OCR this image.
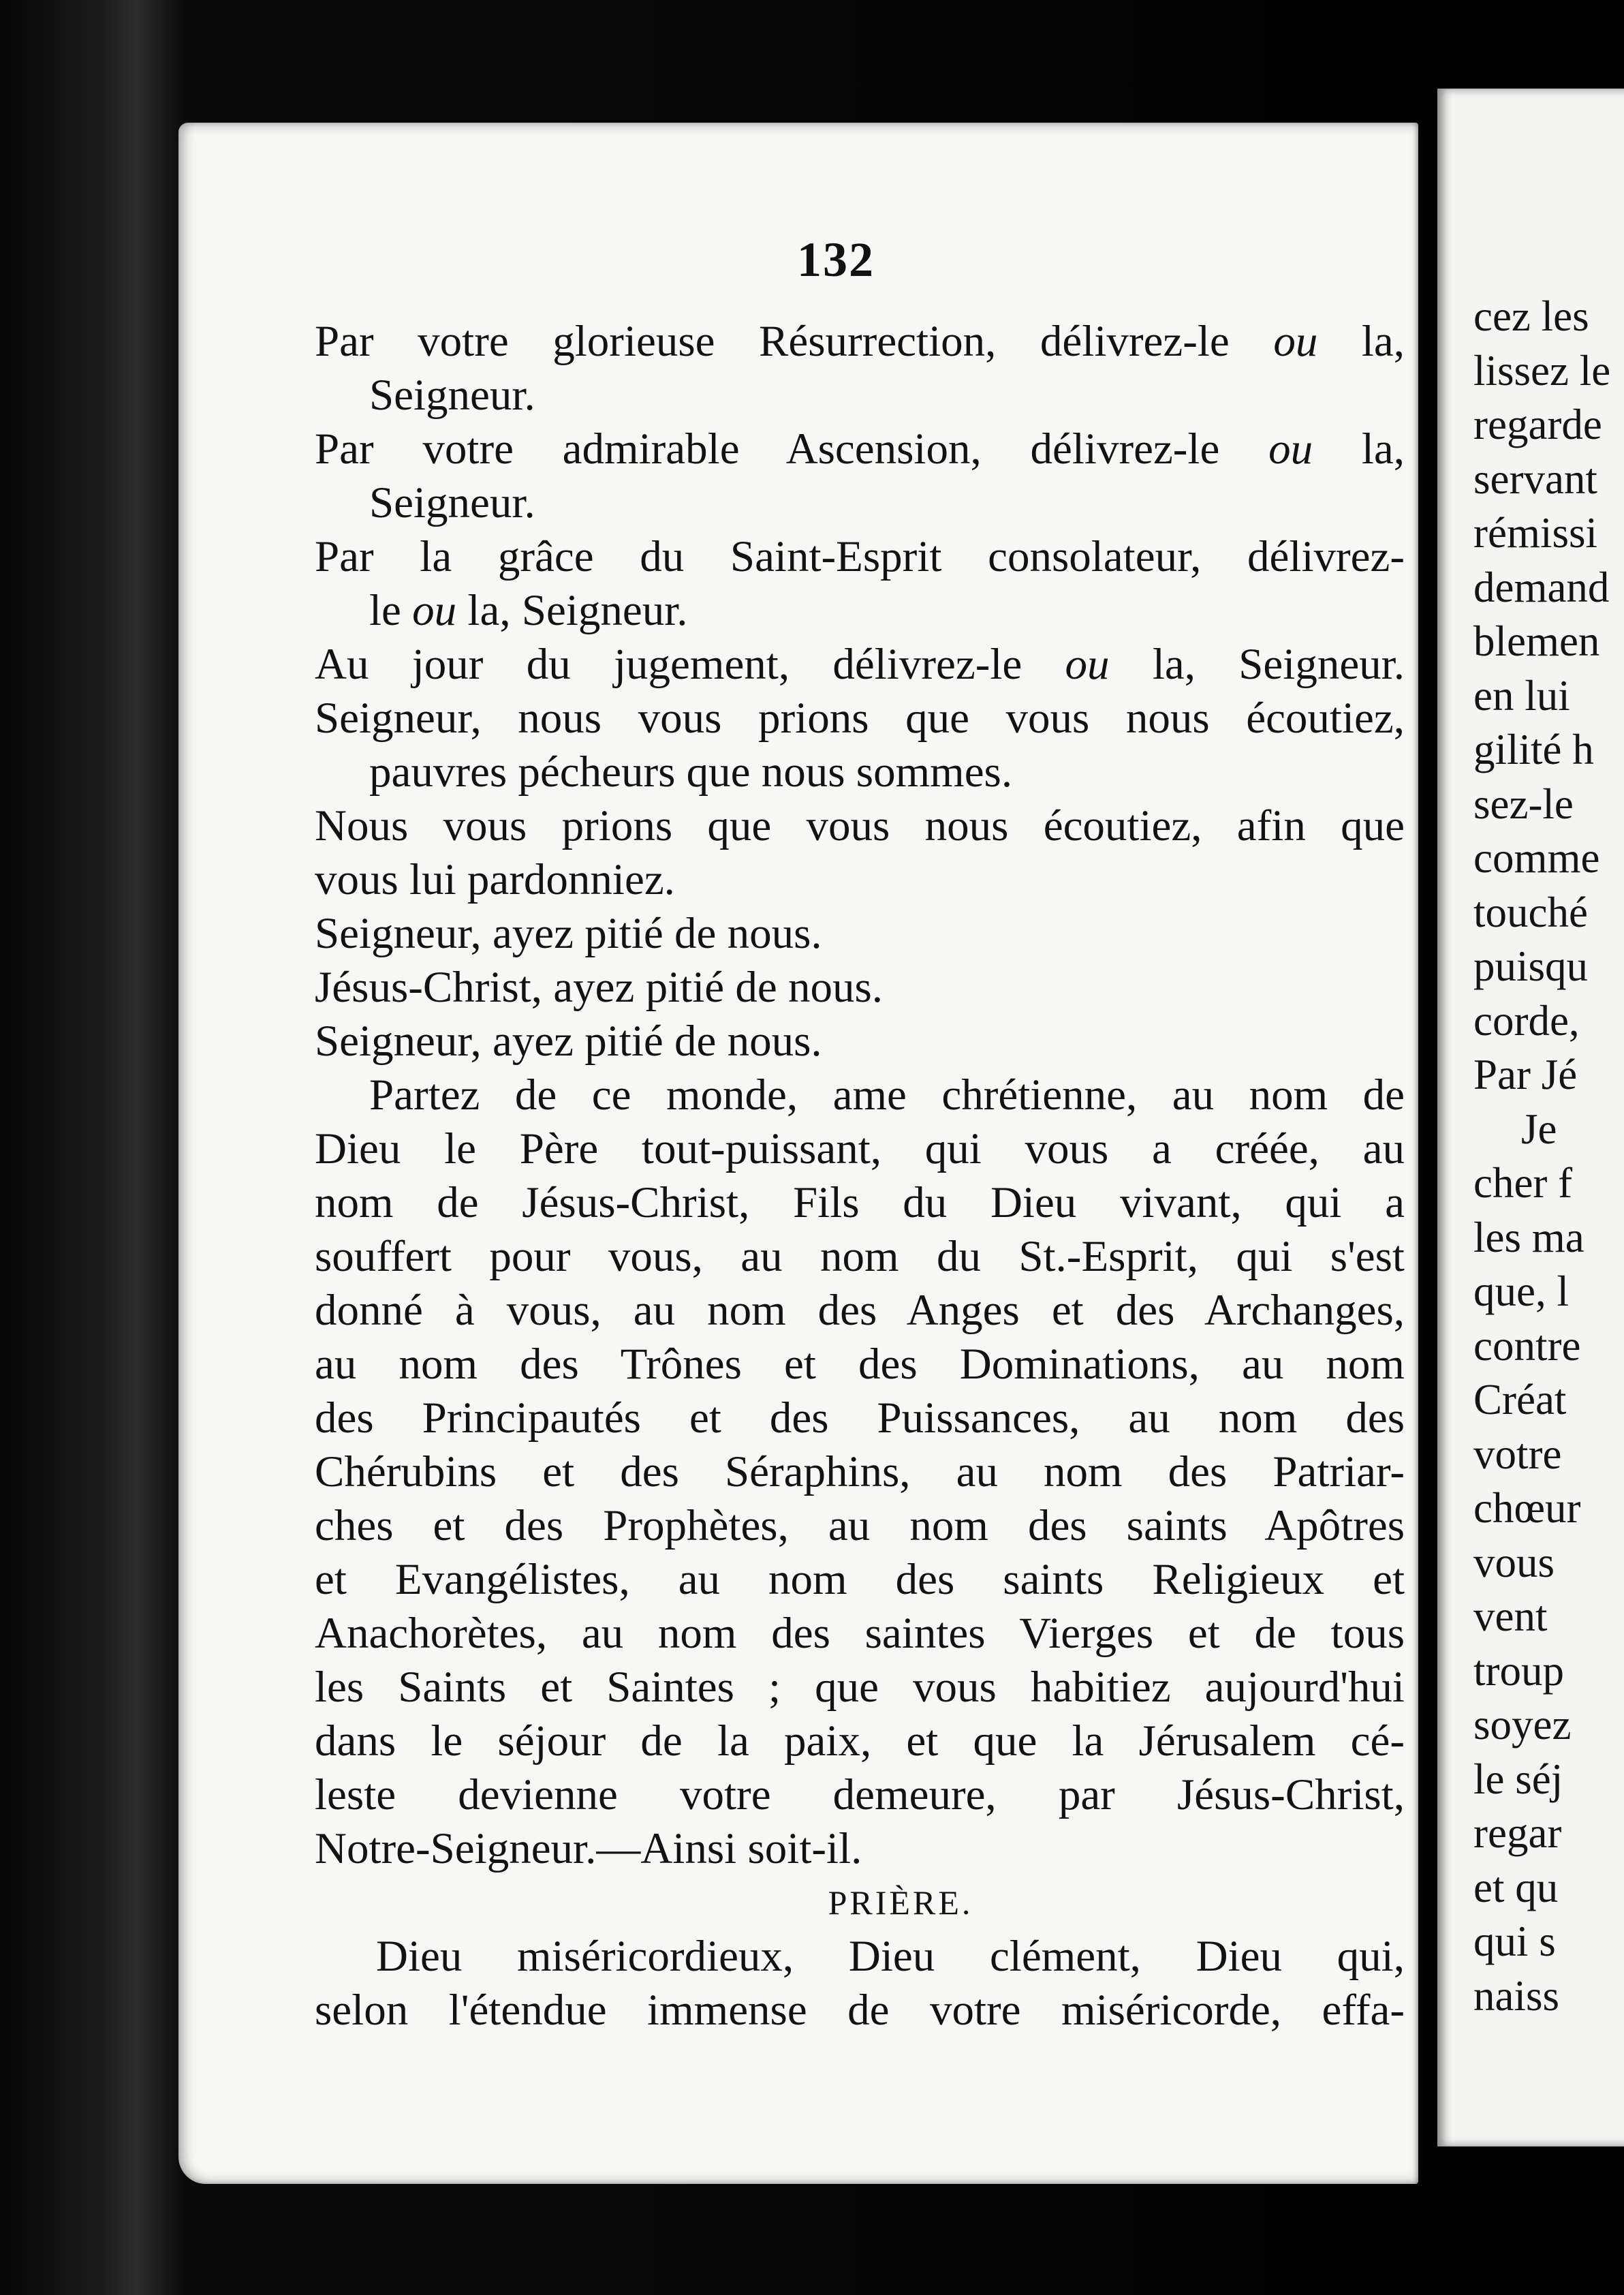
132
Par votre glorieuse Résurrection, délivrez-le ou la,
Seigneur.
Par votre admirable Ascension, délivrez-le ou la,
Seigneur.
Par la grâce du Saint-Esprit consolateur, délivrez-
le ou la, Seigneur.
Au jour du jugement, délivrez-le ou la, Seigneur.
Seigneur, nous vous prions que vous nous écoutiez,
pauvres pécheurs que nous sommes.
Nous vous prions que vous nous écoutiez, afin que
vous lui pardonniez.
Seigneur, ayez pitié de nous.
Jésus-Christ, ayez pitié de nous.
Seigneur, ayez pitié de nous.
Partez de ce monde, ame chrétienne, au nom de
Dieu le Père tout-puissant, qui vous a créée, au
nom de Jésus-Christ, Fils du Dieu vivant, qui a
souffert pour vous, au nom du St.-Esprit, qui s'est
donné à vous, au nom des Anges et des Archanges,
au nom des Trônes et des Dominations, au nom
des Principautés et des Puissances, au nom des
Chérubins et des Séraphins, au nom des Patriar-
ches et des Prophètes, au nom des saints Apôtres
et Evangélistes, au nom des saints Religieux et
Anachorètes, au nom des saintes Vierges et de tous
les Saints et Saintes ; que vous habitiez aujourd'hui
dans le séjour de la paix, et que la Jérusalem cé-
leste devienne votre demeure, par Jésus-Christ,
Notre-Seigneur.—Ainsi soit-il.
PRIÈRE.
Dieu miséricordieux, Dieu clément, Dieu qui,
selon l'étendue immense de votre miséricorde, effa-
cez les
lissez le
regarde
servant
rémissi
demand
blemen
en lui
gilité h
sez-le
comme
touché
puisqu
corde,
Par Jé
Je
cher f
les ma
que, l
contre
Créat
votre
chœur
vous
vent
troup
soyez
le séj
regar
et qu
qui s
naiss
